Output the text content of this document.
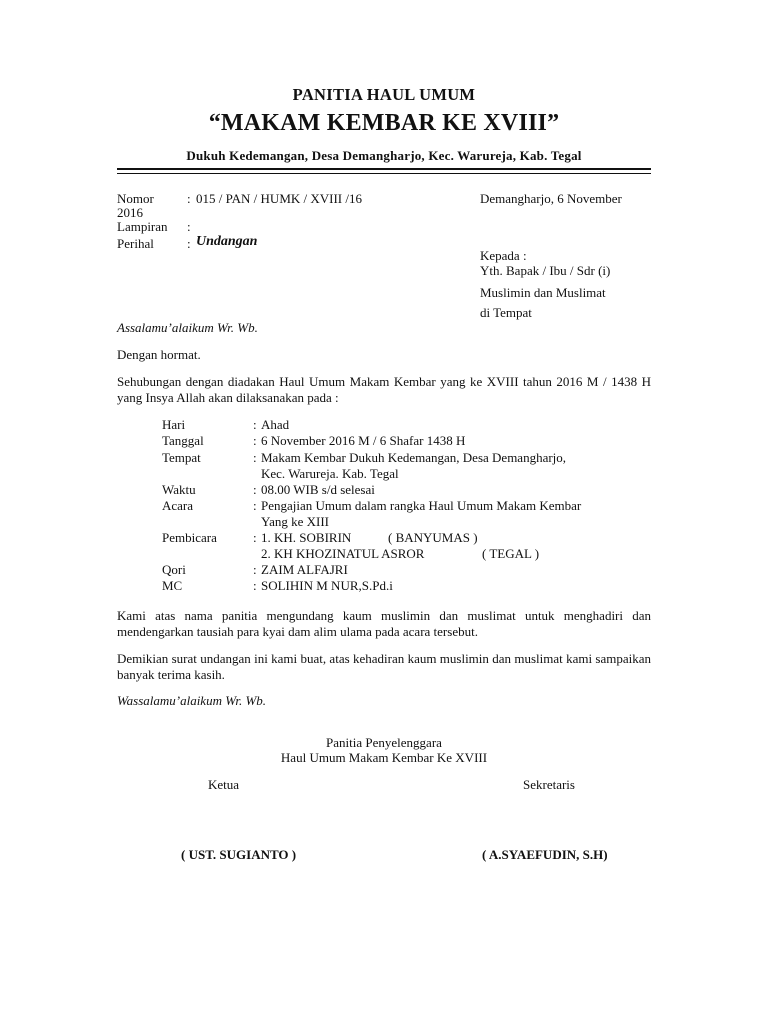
PANITIA HAUL UMUM
“MAKAM KEMBAR KE XVIII”
Dukuh Kedemangan, Desa Demangharjo, Kec. Warureja, Kab. Tegal
Nomor	: 015 / PAN / HUMK / XVIII /16	Demangharjo, 6 November
2016
Lampiran :
Perihal	: Undangan
Kepada :
Yth. Bapak / Ibu / Sdr (i)
Muslimin dan Muslimat
di Tempat
Assalamu’alaikum Wr. Wb.
Dengan hormat.
Sehubungan dengan diadakan Haul Umum Makam Kembar yang ke XVIII tahun 2016 M / 1438 H yang Insya Allah akan dilaksanakan pada :
Hari	: Ahad
Tanggal	: 6 November 2016 M / 6 Shafar 1438 H
Tempat	: Makam Kembar Dukuh Kedemangan, Desa Demangharjo,
Kec. Warureja. Kab. Tegal
Waktu	: 08.00 WIB s/d selesai
Acara	: Pengajian Umum dalam rangka Haul Umum Makam Kembar
Yang ke XIII
Pembicara	: 1. KH. SOBIRIN	( BANYUMAS )
2. KH KHOZINATUL ASROR	( TEGAL )
Qori	: ZAIM ALFAJRI
MC	: SOLIHIN M NUR,S.Pd.i
Kami atas nama panitia mengundang kaum muslimin dan muslimat untuk menghadiri dan mendengarkan tausiah para kyai dam alim ulama pada acara tersebut.
Demikian surat undangan ini kami buat, atas kehadiran kaum muslimin dan muslimat kami sampaikan banyak terima kasih.
Wassalamu’alaikum Wr. Wb.
Panitia Penyelenggara
Haul Umum Makam Kembar Ke XVIII
Ketua	Sekretaris
( UST. SUGIANTO )	( A.SYAEFUDIN, S.H)
